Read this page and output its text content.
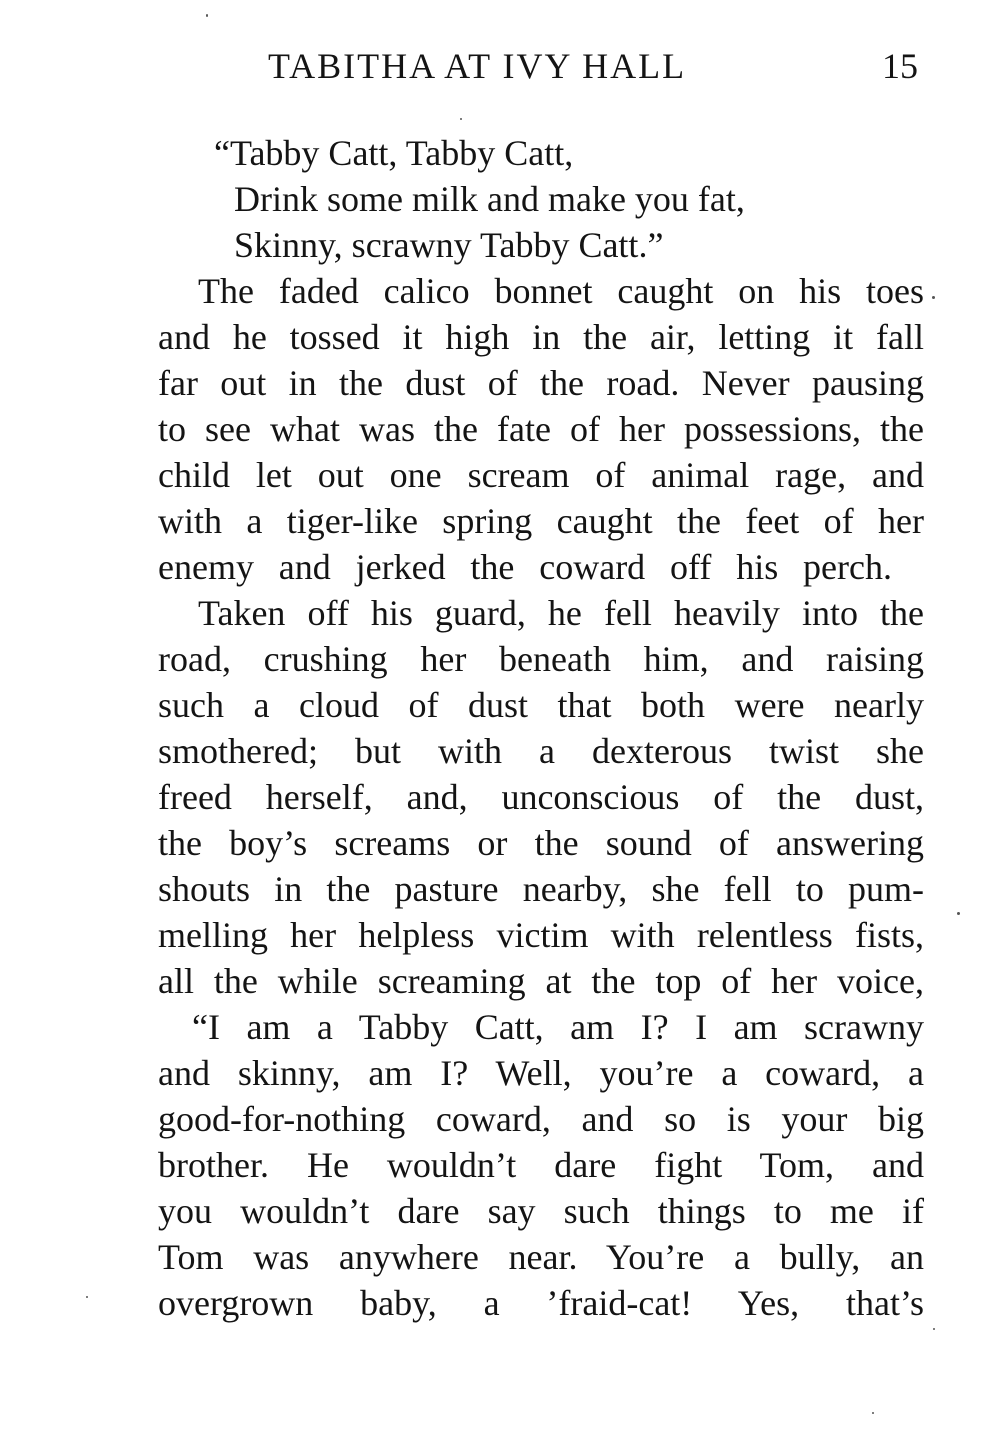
TABITHA AT IVY HALL	15
“Tabby Catt, Tabby Catt,
Drink some milk and make you fat,
Skinny, scrawny Tabby Catt.”
The faded calico bonnet caught on his toes
and he tossed it high in the air, letting it fall
far out in the dust of the road. Never pausing
to see what was the fate of her possessions, the
child let out one scream of animal rage, and
with a tiger-like spring caught the feet of her
enemy and jerked the coward off his perch.
Taken off his guard, he fell heavily into the
road, crushing her beneath him, and raising
such a cloud of dust that both were nearly
smothered; but with a dexterous twist she
freed herself, and, unconscious of the dust,
the boy’s screams or the sound of answering
shouts in the pasture nearby, she fell to pum-
melling her helpless victim with relentless fists,
all the while screaming at the top of her voice,
“I am a Tabby Catt, am I? I am scrawny
and skinny, am I? Well, you’re a coward, a
good-for-nothing coward, and so is your big
brother. He wouldn’t dare fight Tom, and
you wouldn’t dare say such things to me if
Tom was anywhere near. You’re a bully, an
overgrown baby, a ’fraid-cat! Yes, that’s
